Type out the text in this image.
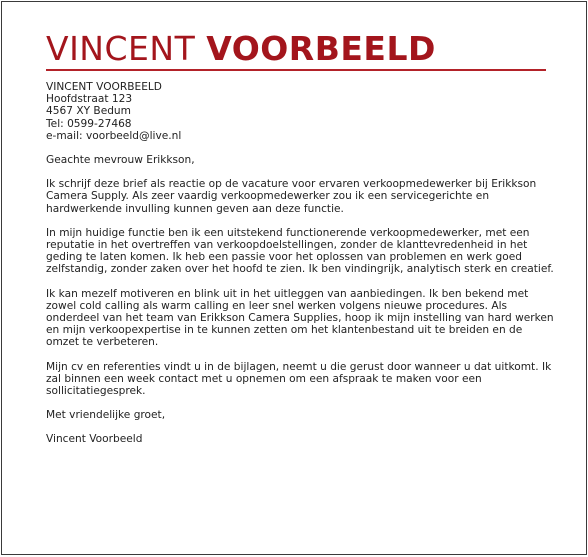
VINCENT VOORBEELD
VINCENT VOORBEELD
Hoofdstraat 123
4567 XY Bedum
Tel: 0599-27468
e-mail: voorbeeld@live.nl

Geachte mevrouw Erikkson,

Ik schrijf deze brief als reactie op de vacature voor ervaren verkoopmedewerker bij Erikkson Camera Supply. Als zeer vaardig verkoopmedewerker zou ik een servicegerichte en hardwerkende invulling kunnen geven aan deze functie.

In mijn huidige functie ben ik een uitstekend functionerende verkoopmedewerker, met een reputatie in het overtreffen van verkoopdoelstellingen, zonder de klanttevredenheid in het geding te laten komen. Ik heb een passie voor het oplossen van problemen en werk goed zelfstandig, zonder zaken over het hoofd te zien. Ik ben vindingrijk, analytisch sterk en creatief.

Ik kan mezelf motiveren en blink uit in het uitleggen van aanbiedingen. Ik ben bekend met zowel cold calling als warm calling en leer snel werken volgens nieuwe procedures. Als onderdeel van het team van Erikkson Camera Supplies, hoop ik mijn instelling van hard werken en mijn verkoopexpertise in te kunnen zetten om het klantenbestand uit te breiden en de omzet te verbeteren.

Mijn cv en referenties vindt u in de bijlagen, neemt u die gerust door wanneer u dat uitkomt. Ik zal binnen een week contact met u opnemen om een afspraak te maken voor een sollicitatiegesprek.

Met vriendelijke groet,

Vincent Voorbeeld
